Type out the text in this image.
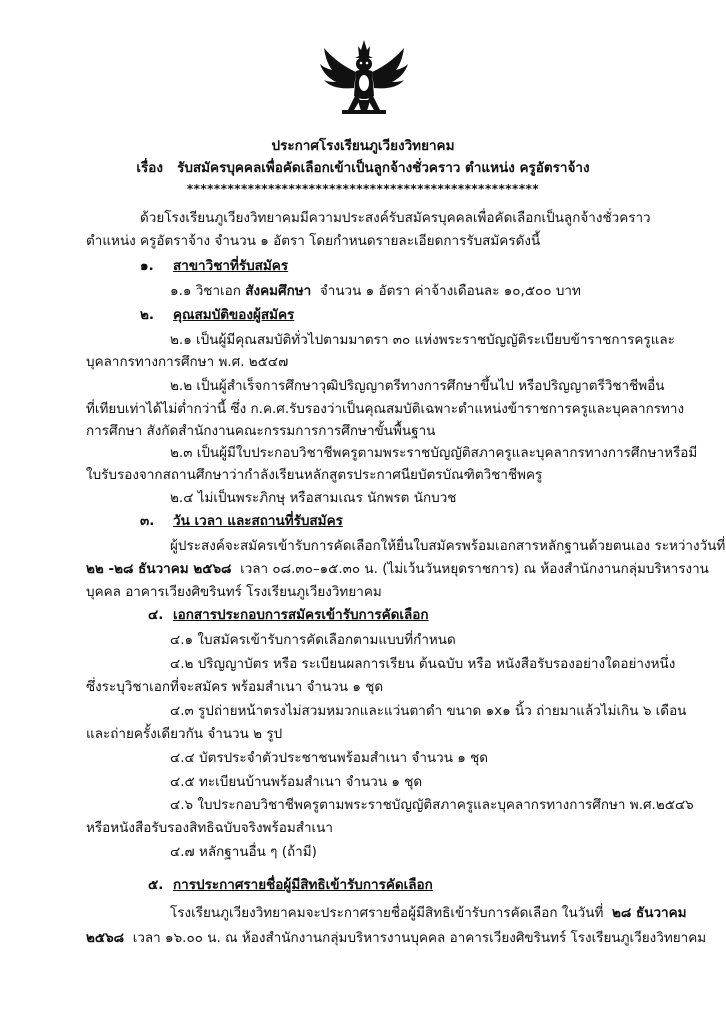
ประกาศโรงเรียนภูเวียงวิทยาคม
เรื่อง รับสมัครบุคคลเพื่อคัดเลือกเข้าเป็นลูกจ้างชั่วคราว ตำแหน่ง ครูอัตราจ้าง
****************************************************
ด้วยโรงเรียนภูเวียงวิทยาคมมีความประสงค์รับสมัครบุคคลเพื่อคัดเลือกเป็นลูกจ้างชั่วคราว
ตำแหน่ง ครูอัตราจ้าง จำนวน ๑ อัตรา โดยกำหนดรายละเอียดการรับสมัครดังนี้
๑. สาขาวิชาที่รับสมัคร
๑.๑ วิชาเอก สังคมศึกษา จำนวน ๑ อัตรา ค่าจ้างเดือนละ ๑๐,๕๐๐ บาท
๒. คุณสมบัติของผู้สมัคร
๒.๑ เป็นผู้มีคุณสมบัติทั่วไปตามมาตรา ๓๐ แห่งพระราชบัญญัติระเบียบข้าราชการครูและ
บุคลากรทางการศึกษา พ.ศ. ๒๕๔๗
๒.๒ เป็นผู้สำเร็จการศึกษาวุฒิปริญญาตรีทางการศึกษาขึ้นไป หรือปริญญาตรีวิชาชีพอื่น
ที่เทียบเท่าได้ไม่ต่ำกว่านี้ ซึ่ง ก.ค.ศ.รับรองว่าเป็นคุณสมบัติเฉพาะตำแหน่งข้าราชการครูและบุคลากรทาง
การศึกษา สังกัดสำนักงานคณะกรรมการการศึกษาขั้นพื้นฐาน
๒.๓ เป็นผู้มีใบประกอบวิชาชีพครูตามพระราชบัญญัติสภาครูและบุคลากรทางการศึกษาหรือมี
ใบรับรองจากสถานศึกษาว่ากำลังเรียนหลักสูตรประกาศนียบัตรบัณฑิตวิชาชีพครู
๒.๔ ไม่เป็นพระภิกษุ หรือสามเณร นักพรต นักบวช
๓. วัน เวลา และสถานที่รับสมัคร
ผู้ประสงค์จะสมัครเข้ารับการคัดเลือกให้ยื่นใบสมัครพร้อมเอกสารหลักฐานด้วยตนเอง ระหว่างวันที่
๒๒ -๒๘ ธันวาคม ๒๕๖๘ เวลา ๐๘.๓๐–๑๕.๓๐ น. (ไม่เว้นวันหยุดราชการ) ณ ห้องสำนักงานกลุ่มบริหารงาน
บุคคล อาคารเวียงศิขรินทร์ โรงเรียนภูเวียงวิทยาคม
๔. เอกสารประกอบการสมัครเข้ารับการคัดเลือก
๔.๑ ใบสมัครเข้ารับการคัดเลือกตามแบบที่กำหนด
๔.๒ ปริญญาบัตร หรือ ระเบียนผลการเรียน ต้นฉบับ หรือ หนังสือรับรองอย่างใดอย่างหนึ่ง
ซึ่งระบุวิชาเอกที่จะสมัคร พร้อมสำเนา จำนวน ๑ ชุด
๔.๓ รูปถ่ายหน้าตรงไม่สวมหมวกและแว่นตาดำ ขนาด ๑x๑ นิ้ว ถ่ายมาแล้วไม่เกิน ๖ เดือน
และถ่ายครั้งเดียวกัน จำนวน ๒ รูป
๔.๔ บัตรประจำตัวประชาชนพร้อมสำเนา จำนวน ๑ ชุด
๔.๕ ทะเบียนบ้านพร้อมสำเนา จำนวน ๑ ชุด
๔.๖ ใบประกอบวิชาชีพครูตามพระราชบัญญัติสภาครูและบุคลากรทางการศึกษา พ.ศ.๒๕๔๖
หรือหนังสือรับรองสิทธิฉบับจริงพร้อมสำเนา
๔.๗ หลักฐานอื่น ๆ (ถ้ามี)
๕. การประกาศรายชื่อผู้มีสิทธิเข้ารับการคัดเลือก
โรงเรียนภูเวียงวิทยาคมจะประกาศรายชื่อผู้มีสิทธิเข้ารับการคัดเลือก ในวันที่ ๒๘ ธันวาคม
๒๕๖๘ เวลา ๑๖.๐๐ น. ณ ห้องสำนักงานกลุ่มบริหารงานบุคคล อาคารเวียงศิขรินทร์ โรงเรียนภูเวียงวิทยาคม
